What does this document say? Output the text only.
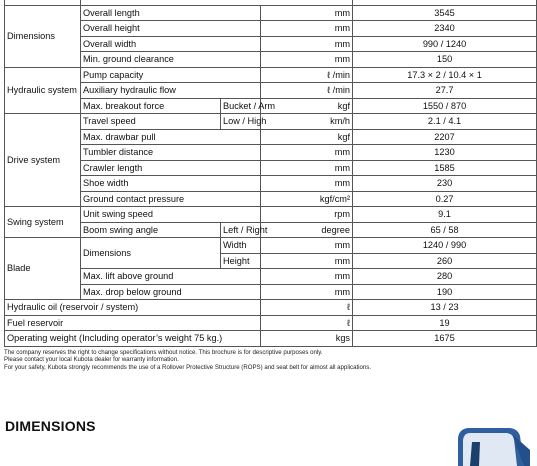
Dimensions	Overall length		mm	3545
	Overall height		mm	2340
	Overall width		mm	990 / 1240
	Min. ground clearance		mm	150
Hydraulic system	Pump capacity		ℓ /min	17.3 × 2 / 10.4 × 1
	Auxiliary hydraulic flow		ℓ /min	27.7
	Max. breakout force	Bucket / Arm	kgf	1550 / 870
Drive system	Travel speed	Low / High	km/h	2.1 / 4.1
	Max. drawbar pull		kgf	2207
	Tumbler distance		mm	1230
	Crawler length		mm	1585
	Shoe width		mm	230
	Ground contact pressure		kgf/cm²	0.27
Swing system	Unit swing speed		rpm	9.1
	Boom swing angle	Left / Right	degree	65 / 58
Blade	Dimensions	Width	mm	1240 / 990
		Height	mm	260
	Max. lift above ground		mm	280
	Max. drop below ground		mm	190
Hydraulic oil (reservoir / system)			ℓ	13 / 23
Fuel reservoir			ℓ	19
Operating weight (Including operator’s weight 75 kg.)			kgs	1675
The company reserves the right to change specifications without notice. This brochure is for descriptive purposes only.
Please contact your local Kubota dealer for warranty information.
For your safety, Kubota strongly recommends the use of a Rollover Protective Structure (ROPS) and seat belt for almost all applications.
DIMENSIONS
